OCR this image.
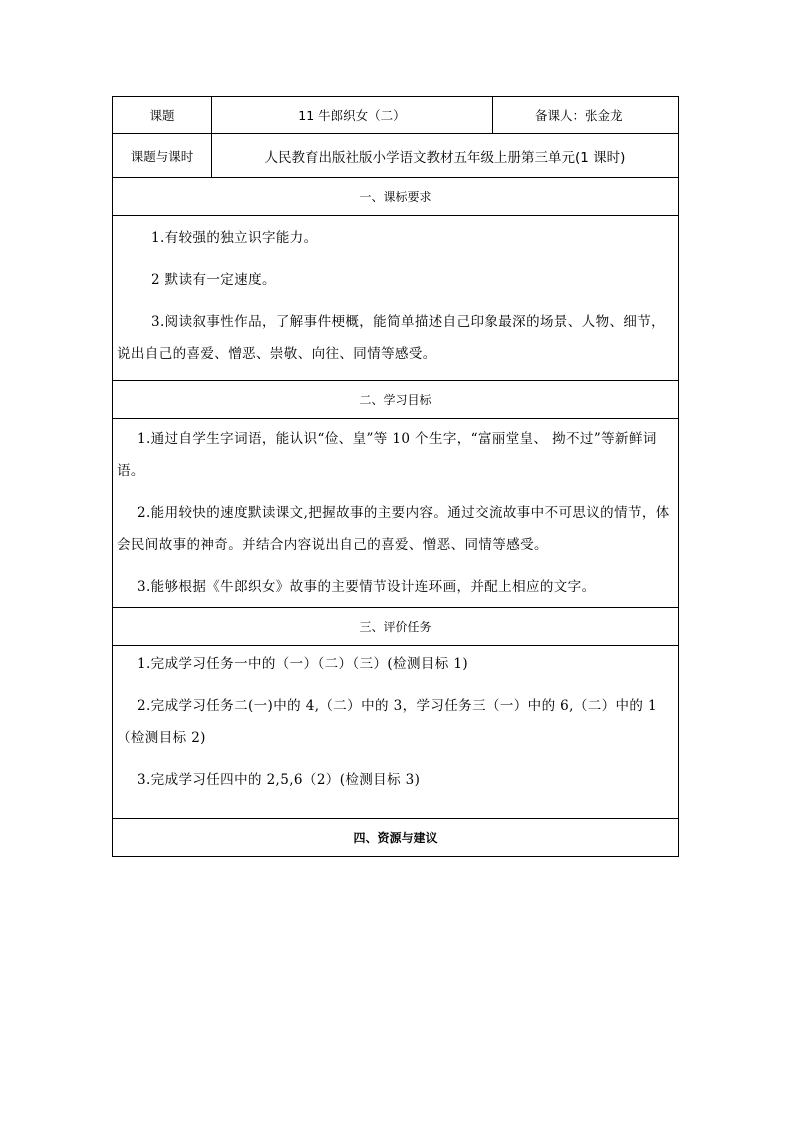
课题	11 牛郎织女（二）	备课人：张金龙
课题与课时	人民教育出版社版小学语文教材五年级上册第三单元(1 课时)	
一、课标要求		

1.有较强的独立识字能力。

2 默读有一定速度。

3.阅读叙事性作品，了解事件梗概，能简单描述自己印象最深的场景、人物、细节，说出自己的喜爱、憎恶、崇敬、向往、同情等感受。		

二、学习目标		

1.通过自学生字词语，能认识“俭、皇”等 10 个生字，“富丽堂皇、 拗不过”等新鲜词语。

2.能用较快的速度默读课文,把握故事的主要内容。通过交流故事中不可思议的情节，体会民间故事的神奇。并结合内容说出自己的喜爱、憎恶、同情等感受。

3.能够根据《牛郎织女》故事的主要情节设计连环画，并配上相应的文字。		

三、评价任务		

1.完成学习任务一中的（一）（二）（三）(检测目标 1)

2.完成学习任务二(一)中的 4,（二）中的 3，学习任务三（一）中的 6,（二）中的 1（检测目标 2)

3.完成学习任四中的 2,5,6（2）(检测目标 3)		

四、资源与建议		
